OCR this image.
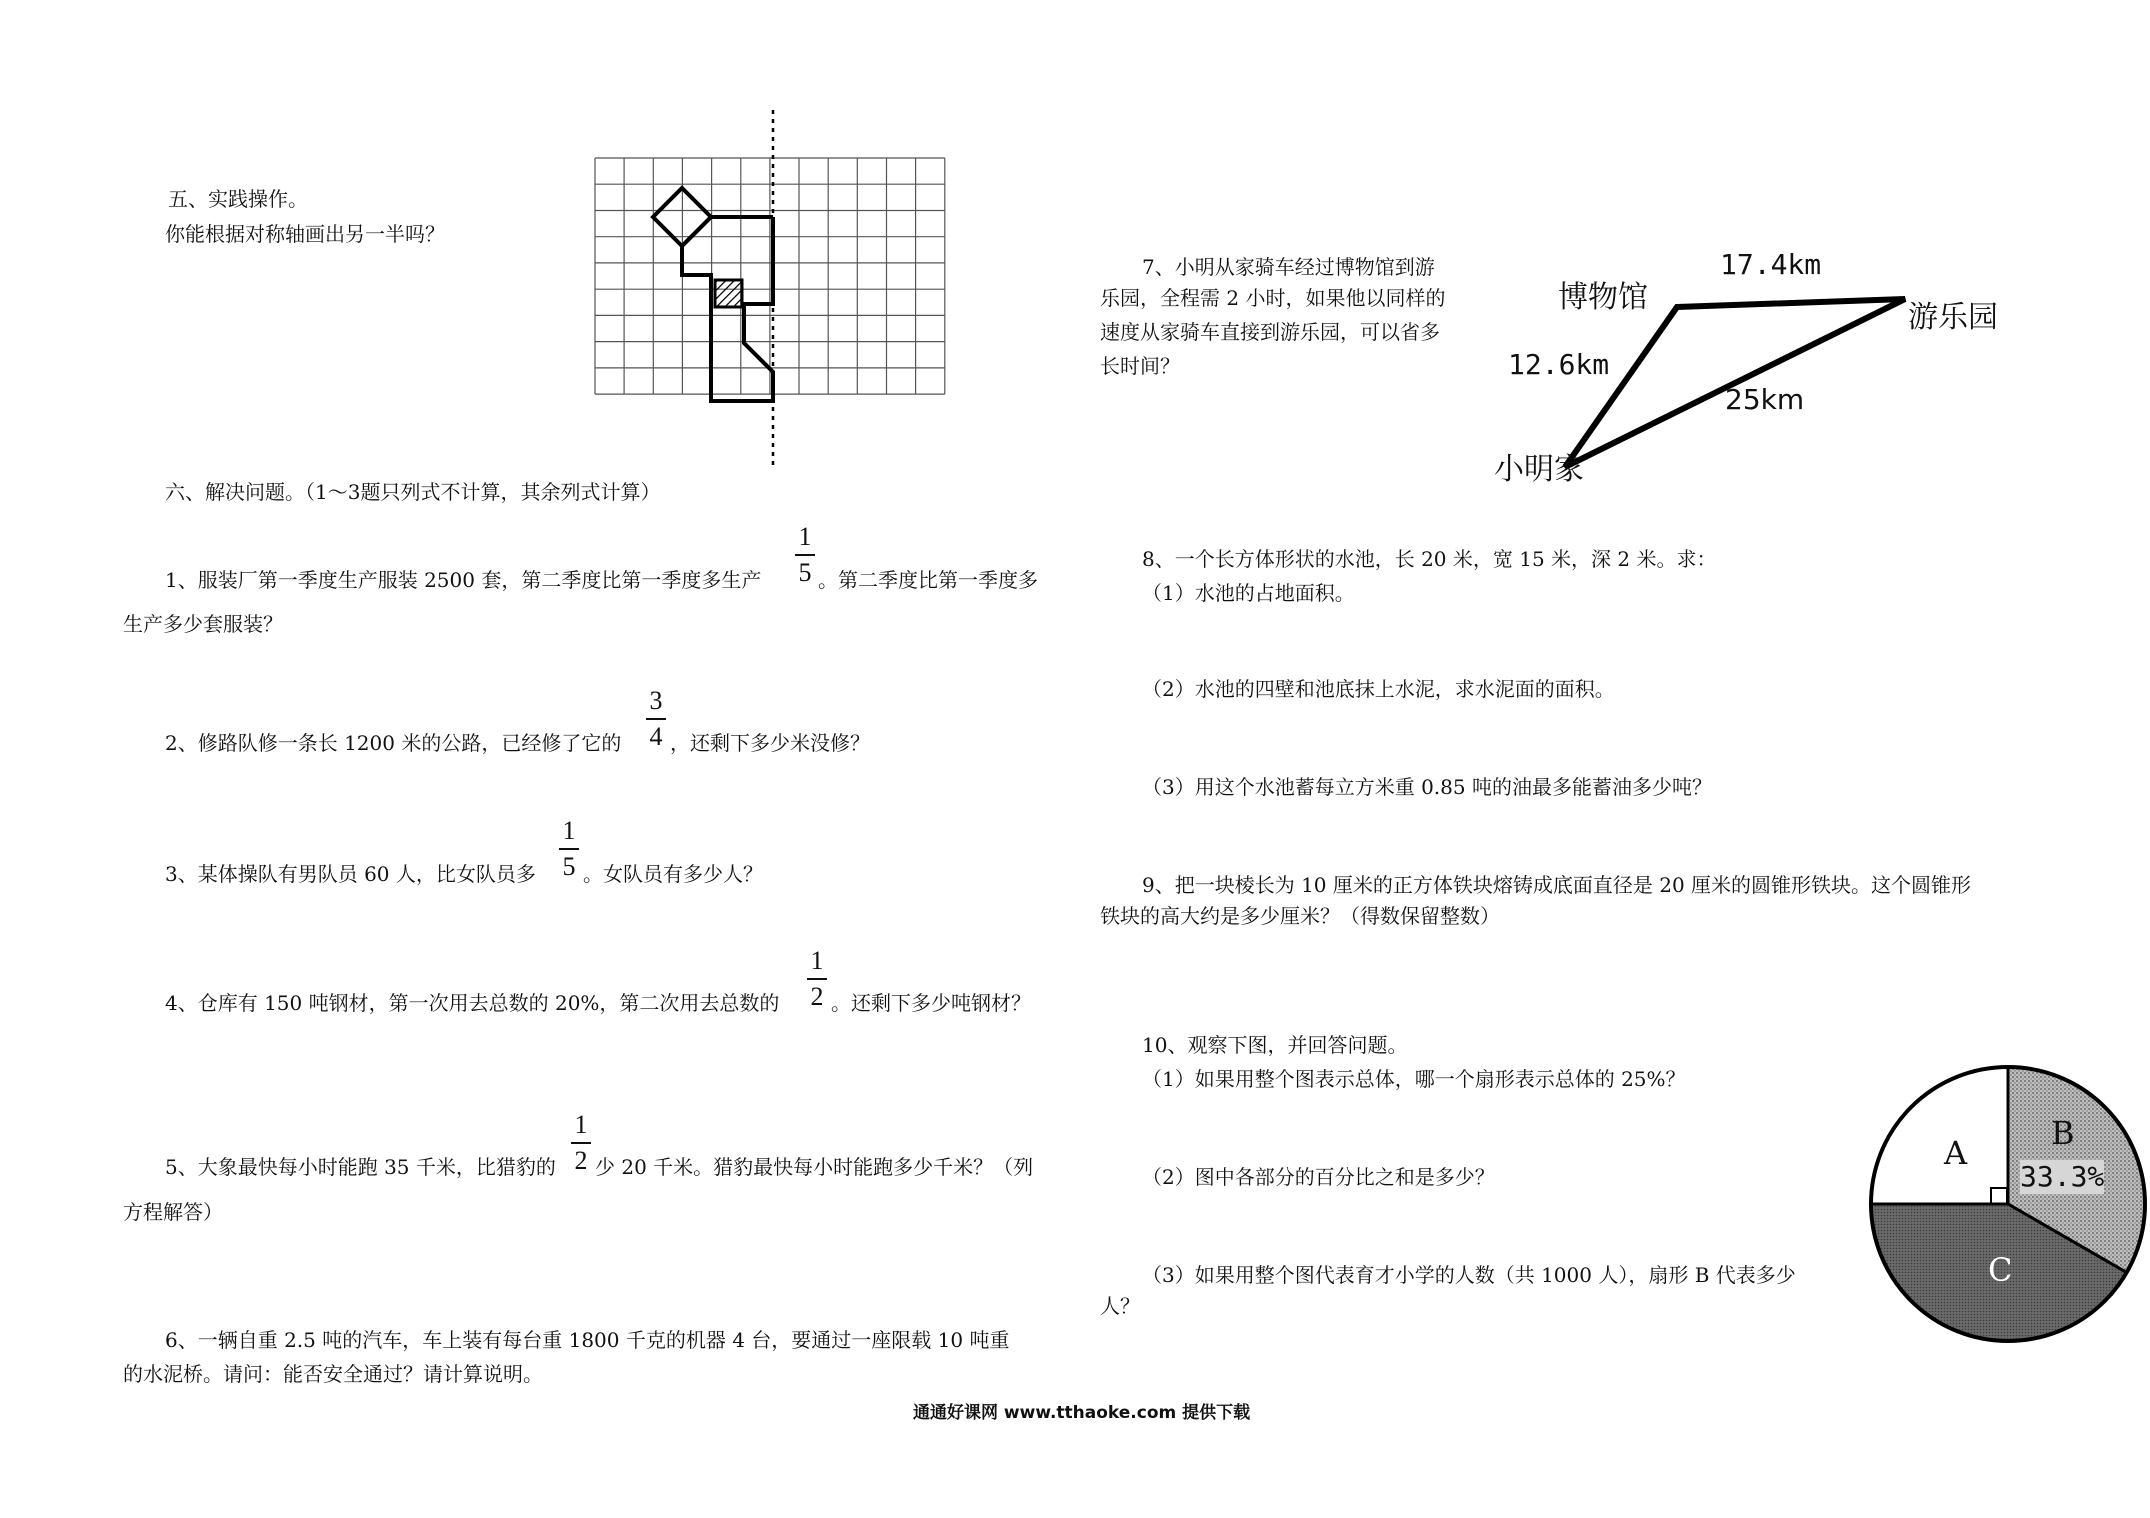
五、实践操作。
你能根据对称轴画出另一半吗？
六、解决问题。（1～3题只列式不计算，其余列式计算）
1、服装厂第一季度生产服装 2500 套，第二季度比第一季度多生产
1
5 。第二季度比第一季度多
生产多少套服装？
2、修路队修一条长 1200 米的公路，已经修了它的
3
4 ，还剩下多少米没修？
3、某体操队有男队员 60 人，比女队员多
1
5 。女队员有多少人？
4、仓库有 150 吨钢材，第一次用去总数的 20%，第二次用去总数的
1
2 。还剩下多少吨钢材？
5、大象最快每小时能跑 35 千米，比猎豹的
1
2 少 20 千米。猎豹最快每小时能跑多少千米？（列
方程解答）
6、一辆自重 2.5 吨的汽车，车上装有每台重 1800 千克的机器 4 台，要通过一座限载 10 吨重
的水泥桥。请问：能否安全通过？请计算说明。
7、小明从家骑车经过博物馆到游
乐园，全程需 2 小时，如果他以同样的
速度从家骑车直接到游乐园，可以省多
长时间？
博物馆
游乐园
小明家
17.4km
12.6km
25km
8、一个长方体形状的水池，长 20 米，宽 15 米，深 2 米。求：
（1）水池的占地面积。
（2）水池的四壁和池底抹上水泥，求水泥面的面积。
（3）用这个水池蓄每立方米重 0.85 吨的油最多能蓄油多少吨？
9、把一块棱长为 10 厘米的正方体铁块熔铸成底面直径是 20 厘米的圆锥形铁块。这个圆锥形
铁块的高大约是多少厘米？（得数保留整数）
10、观察下图，并回答问题。
（1）如果用整个图表示总体，哪一个扇形表示总体的 25%？
（2）图中各部分的百分比之和是多少？
（3）如果用整个图代表育才小学的人数（共 1000 人），扇形 B 代表多少
人？
A
B
33.3%
C
通通好课网 www.tthaoke.com 提供下载
